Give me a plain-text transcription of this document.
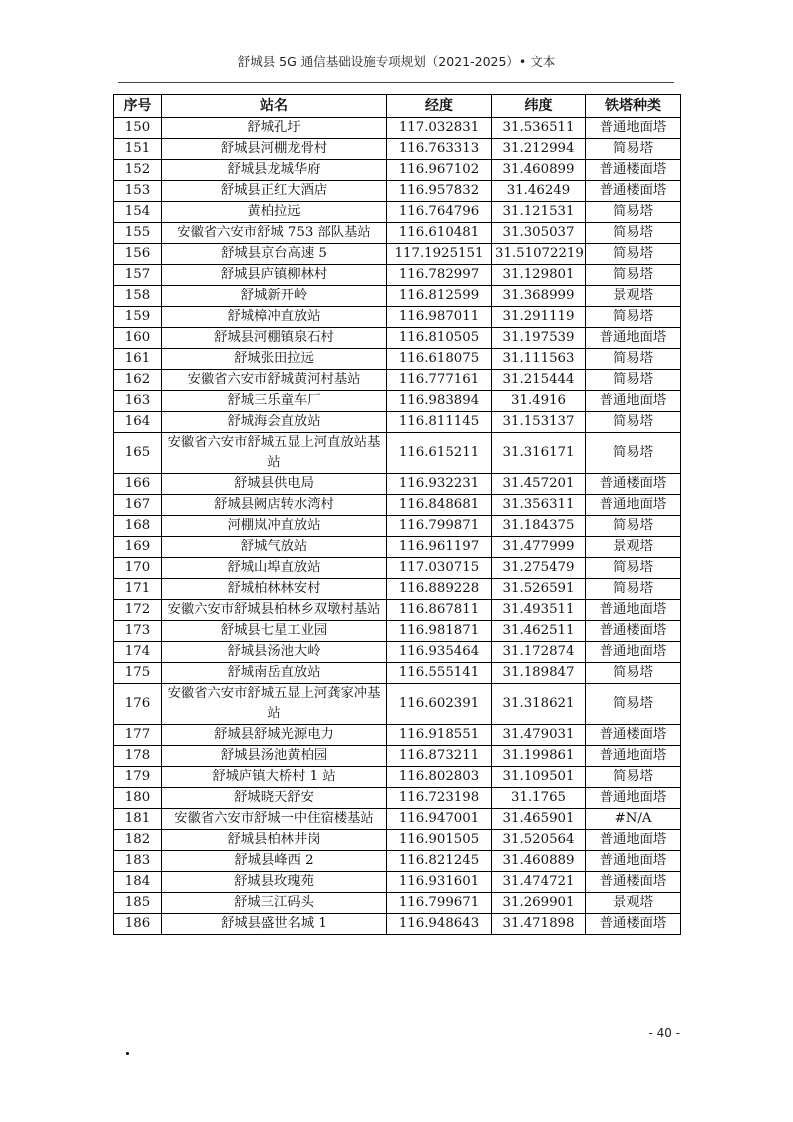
舒城县 5G 通信基础设施专项规划（2021-2025）• 文本
序号	站名	经度	纬度	铁塔种类
150	舒城孔圩	117.032831	31.536511	普通地面塔
151	舒城县河棚龙骨村	116.763313	31.212994	简易塔
152	舒城县龙城华府	116.967102	31.460899	普通楼面塔
153	舒城县正红大酒店	116.957832	31.46249	普通楼面塔
154	黄柏拉远	116.764796	31.121531	简易塔
155	安徽省六安市舒城 753 部队基站	116.610481	31.305037	简易塔
156	舒城县京台高速 5	117.1925151	31.51072219	简易塔
157	舒城县庐镇柳林村	116.782997	31.129801	简易塔
158	舒城新开岭	116.812599	31.368999	景观塔
159	舒城樟冲直放站	116.987011	31.291119	简易塔
160	舒城县河棚镇泉石村	116.810505	31.197539	普通地面塔
161	舒城张田拉远	116.618075	31.111563	简易塔
162	安徽省六安市舒城黄河村基站	116.777161	31.215444	简易塔
163	舒城三乐童车厂	116.983894	31.4916	普通地面塔
164	舒城海会直放站	116.811145	31.153137	简易塔
165	安徽省六安市舒城五显上河直放站基站	116.615211	31.316171	简易塔
166	舒城县供电局	116.932231	31.457201	普通楼面塔
167	舒城县阙店转水湾村	116.848681	31.356311	普通地面塔
168	河棚岚冲直放站	116.799871	31.184375	简易塔
169	舒城气放站	116.961197	31.477999	景观塔
170	舒城山埠直放站	117.030715	31.275479	简易塔
171	舒城柏林林安村	116.889228	31.526591	简易塔
172	安徽六安市舒城县柏林乡双墩村基站	116.867811	31.493511	普通地面塔
173	舒城县七星工业园	116.981871	31.462511	普通楼面塔
174	舒城县汤池大岭	116.935464	31.172874	普通地面塔
175	舒城南岳直放站	116.555141	31.189847	简易塔
176	安徽省六安市舒城五显上河龚家冲基站	116.602391	31.318621	简易塔
177	舒城县舒城光源电力	116.918551	31.479031	普通楼面塔
178	舒城县汤池黄柏园	116.873211	31.199861	普通地面塔
179	舒城庐镇大桥村 1 站	116.802803	31.109501	简易塔
180	舒城晓天舒安	116.723198	31.1765	普通地面塔
181	安徽省六安市舒城一中住宿楼基站	116.947001	31.465901	#N/A
182	舒城县柏林井岗	116.901505	31.520564	普通地面塔
183	舒城县峰西 2	116.821245	31.460889	普通地面塔
184	舒城县玫瑰苑	116.931601	31.474721	普通楼面塔
185	舒城三江码头	116.799671	31.269901	景观塔
186	舒城县盛世名城 1	116.948643	31.471898	普通楼面塔
- 40 -
